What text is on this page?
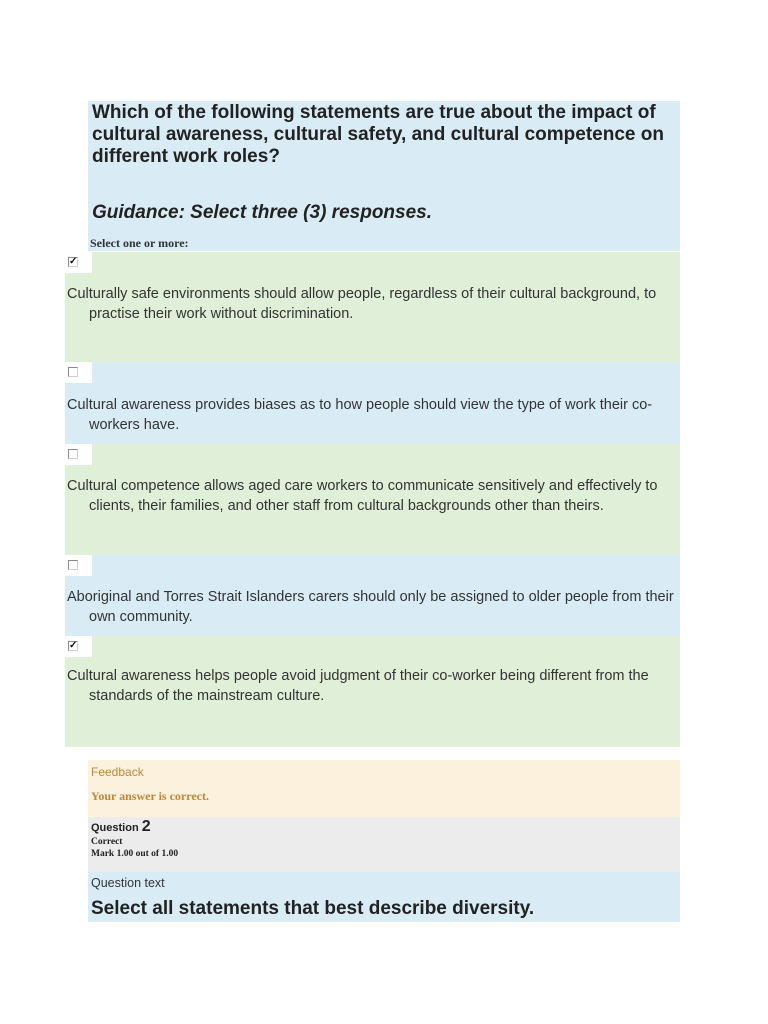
Which of the following statements are true about the impact of cultural awareness, cultural safety, and cultural competence on different work roles?

Guidance: Select three (3) responses.

Select one or more:

✓

Culturally safe environments should allow people, regardless of their cultural background, to practise their work without discrimination.

Cultural awareness provides biases as to how people should view the type of work their co-workers have.

Cultural competence allows aged care workers to communicate sensitively and effectively to clients, their families, and other staff from cultural backgrounds other than theirs.

Aboriginal and Torres Strait Islanders carers should only be assigned to older people from their own community.

✓

Cultural awareness helps people avoid judgment of their co-worker being different from the standards of the mainstream culture.

Feedback

Your answer is correct.

Question 2

Correct

Mark 1.00 out of 1.00

Question text

Select all statements that best describe diversity.
